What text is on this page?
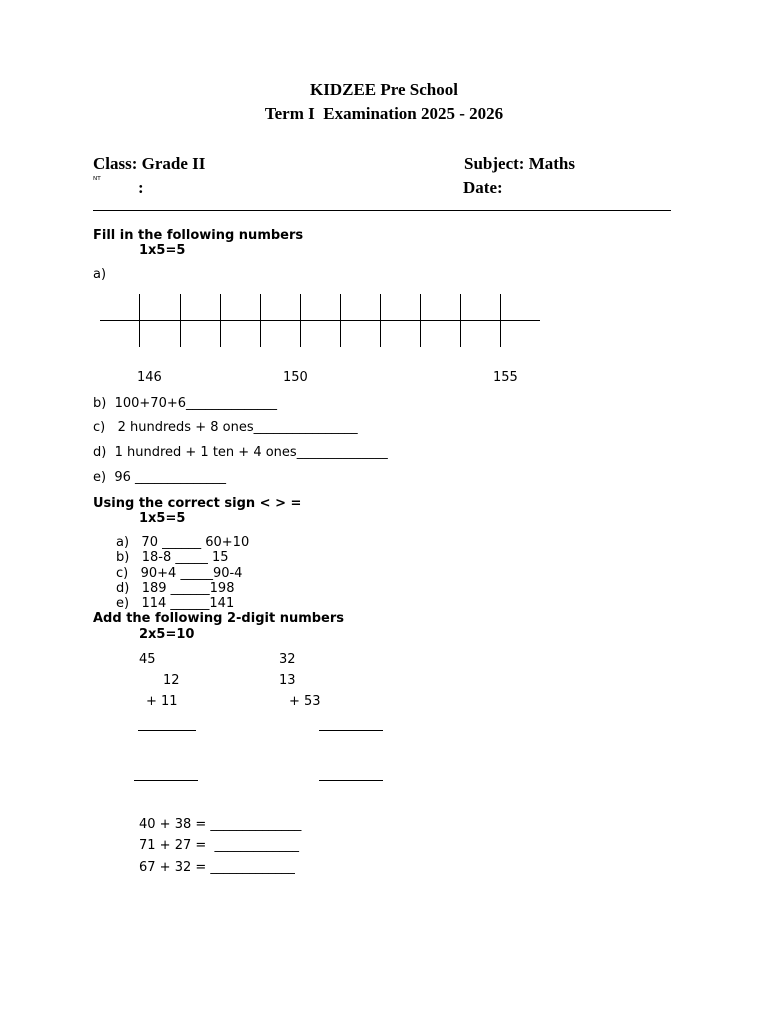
KIDZEE Pre School
Term I  Examination 2025 - 2026
Class: Grade II	Subject: Maths
ᴺᵀ :	Date:
Fill in the following numbers
1x5=5
a)
146	150	155
b)  100+70+6______________
c)   2 hundreds + 8 ones________________
d)  1 hundred + 1 ten + 4 ones______________
e)  96 ______________
Using the correct sign < > =
1x5=5
a)   70 ______ 60+10
b)   18-8 _____ 15
c)   90+4 _____90-4
d)   189 ______198
e)   114 ______141
Add the following 2-digit numbers
2x5=10
45
12
+ 11
32
13
+ 53
40 + 38 = ______________
71 + 27 =  _____________
67 + 32 = _____________
